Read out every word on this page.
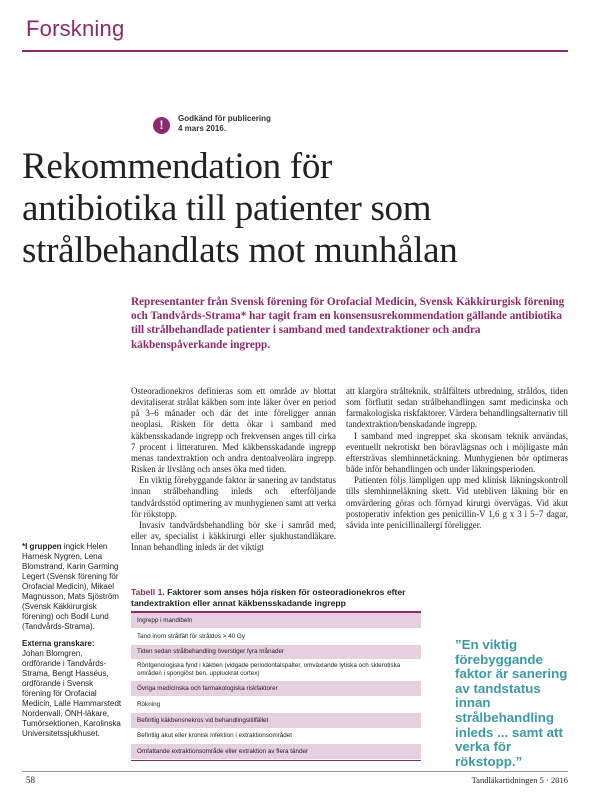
Forskning
!	Godkänd för publicering
4 mars 2016.
Rekommendation för
antibiotika till patienter som
strålbehandlats mot munhålan
Representanter från Svensk förening för Orofacial Medicin, Svensk Käkkirurgisk förening och Tandvårds-Strama* har tagit fram en konsensusrekommendation gällande antibiotika till strålbehandlade patienter i samband med tandextraktioner och andra käkbenspåverkande ingrepp.

Osteoradionekros definieras som ett område av blottat devitaliserat strålat käkben som inte läker över en period på 3–6 månader och där det inte föreligger annan neoplasi. Risken för detta ökar i samband med käkbensskadande ingrepp och frekvensen anges till cirka 7 procent i litteraturen. Med käkbensskadande ingrepp menas tandextraktion och andra dentoalveolära ingrepp. Risken är livslång och anses öka med tiden.

En viktig förebyggande faktor är sanering av tandstatus innan strålbehandling inleds och efterföljande tandvårdsstöd optimering av munhygienen samt att verka för rökstopp.

Invasiv tandvårdsbehandling bör ske i samråd med, eller av, specialist i käkkirurgi eller sjukhustandläkare. Innan behandling inleds är det viktigt

att klargöra strålteknik, strålfältets utbredning, stråldos, tiden som förflutit sedan strålbehandlingen samt medicinska och farmakologiska riskfaktorer. Värdera behandlingsalternativ till tandextraktion/benskadande ingrepp.

I samband med ingreppet ska skonsam teknik användas, eventuellt nekrotiskt ben böravlägsnas och i möjligaste mån eftersträvas slemhinnetäckning. Munhygienen bör optimeras både inför behandlingen och under läkningsperioden.

Patienten följs lämpligen upp med klinisk läkningskontroll tills slemhinneläkning skett. Vid utebliven läkning bör en omvärdering göras och förnyad kirurgi övervägas. Vid akut postoperativ infektion ges penicillin-V 1,6 g x 3 i 5–7 dagar, såvida inte penicillinallergi föreligger.

*I gruppen ingick Helen Harnesk Nygren, Lena Blomstrand, Karin Garming Legert (Svensk förening för Orofacial Medicin), Mikael Magnusson, Mats Sjöström (Svensk Käkkirurgisk förening) och Bodil Lund (Tandvårds-Strama).

Externa granskare:
Johan Blomgren, ordförande i Tandvårds-Strama, Bengt Hasséus, ordförande i Svensk förening för Orofacial Medicin, Lalle Hammarstedt Nordenvall, ÖNH-läkare, Tumörsektionen, Karolinska Universitetssjukhuset.

Tabell 1. Faktorer som anses höja risken för osteoradionekros efter tandextraktion eller annat käkbensskadande ingrepp
Ingrepp i mandibeln
Tand inom strålfält för stråldos > 40 Gy
Tiden sedan strålbehandling överstiger fyra månader
Röntgenologiska fynd i käkben (vidgade periodontalspalter, omväxlande lytiska och sklerotiska områden i spongiöst ben, uppluckrat cortex)
Övriga medicinska och farmakologiska riskfaktorer
Rökning
Befintlig käkbensnekros vid behandlingstillfället
Befintlig akut eller kronisk infektion i extraktionsområdet
Omfattande extraktionsområde eller extraktion av flera tänder
”En viktig förebyggande faktor är sanering av tandstatus innan strålbehandling inleds ... samt att verka för rökstopp.”
58	Tandläkartidningen 5 · 2016
